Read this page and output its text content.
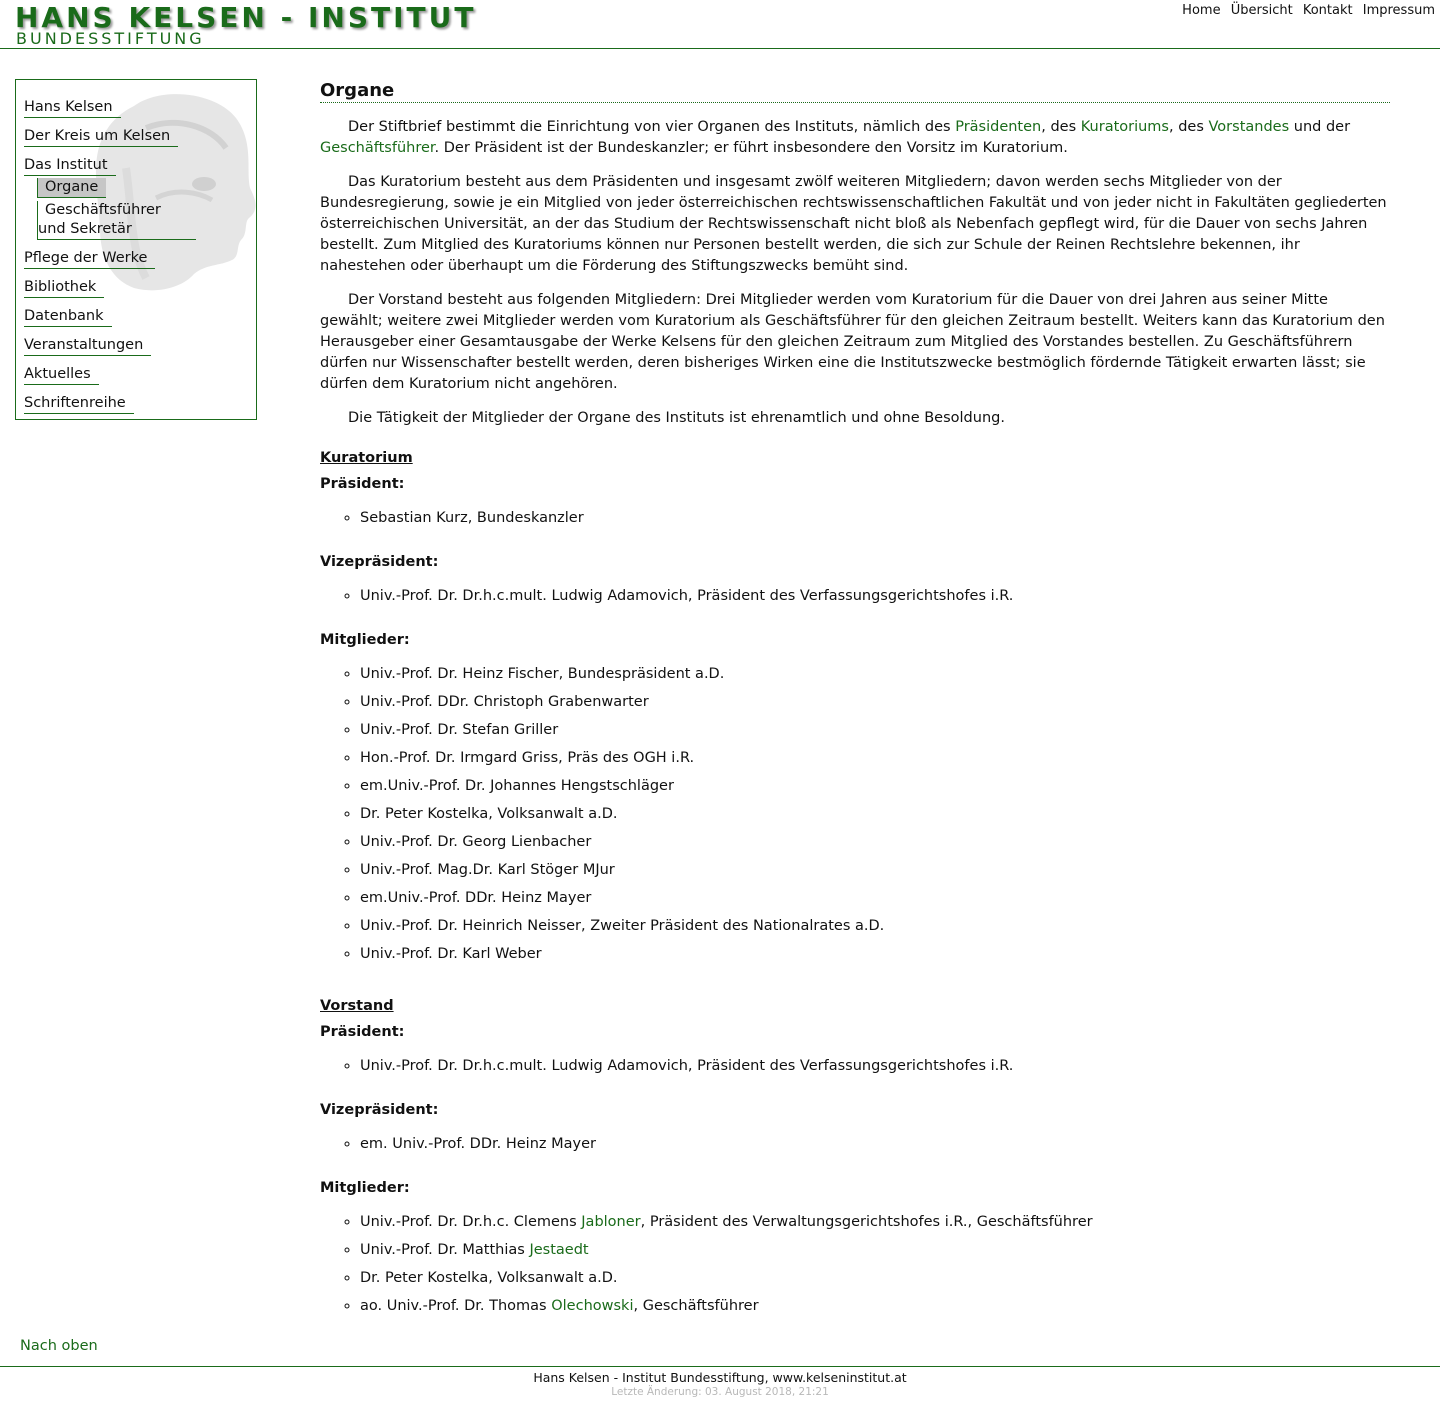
HANS KELSEN - INSTITUT
BUNDESSTIFTUNG
Home Übersicht Kontakt Impressum
Hans Kelsen
Der Kreis um Kelsen
Das Institut
Organe
Geschäftsführer und Sekretär
Pflege der Werke
Bibliothek
Datenbank
Veranstaltungen
Aktuelles
Schriftenreihe
Organe

Der Stiftbrief bestimmt die Einrichtung von vier Organen des Instituts, nämlich des Präsidenten, des Kuratoriums, des Vorstandes und der Geschäftsführer. Der Präsident ist der Bundeskanzler; er führt insbesondere den Vorsitz im Kuratorium.

Das Kuratorium besteht aus dem Präsidenten und insgesamt zwölf weiteren Mitgliedern; davon werden sechs Mitglieder von der Bundesregierung, sowie je ein Mitglied von jeder österreichischen rechtswissenschaftlichen Fakultät und von jeder nicht in Fakultäten gegliederten österreichischen Universität, an der das Studium der Rechtswissenschaft nicht bloß als Nebenfach gepflegt wird, für die Dauer von sechs Jahren bestellt. Zum Mitglied des Kuratoriums können nur Personen bestellt werden, die sich zur Schule der Reinen Rechtslehre bekennen, ihr nahestehen oder überhaupt um die Förderung des Stiftungszwecks bemüht sind.

Der Vorstand besteht aus folgenden Mitgliedern: Drei Mitglieder werden vom Kuratorium für die Dauer von drei Jahren aus seiner Mitte gewählt; weitere zwei Mitglieder werden vom Kuratorium als Geschäftsführer für den gleichen Zeitraum bestellt. Weiters kann das Kuratorium den Herausgeber einer Gesamtausgabe der Werke Kelsens für den gleichen Zeitraum zum Mitglied des Vorstandes bestellen. Zu Geschäftsführern dürfen nur Wissenschafter bestellt werden, deren bisheriges Wirken eine die Institutszwecke bestmöglich fördernde Tätigkeit erwarten lässt; sie dürfen dem Kuratorium nicht angehören.

Die Tätigkeit der Mitglieder der Organe des Instituts ist ehrenamtlich und ohne Besoldung.

Kuratorium
Präsident:
◦ Sebastian Kurz, Bundeskanzler
Vizepräsident:
◦ Univ.-Prof. Dr. Dr.h.c.mult. Ludwig Adamovich, Präsident des Verfassungsgerichtshofes i.R.
Mitglieder:
◦ Univ.-Prof. Dr. Heinz Fischer, Bundespräsident a.D.
◦ Univ.-Prof. DDr. Christoph Grabenwarter
◦ Univ.-Prof. Dr. Stefan Griller
◦ Hon.-Prof. Dr. Irmgard Griss, Präs des OGH i.R.
◦ em.Univ.-Prof. Dr. Johannes Hengstschläger
◦ Dr. Peter Kostelka, Volksanwalt a.D.
◦ Univ.-Prof. Dr. Georg Lienbacher
◦ Univ.-Prof. Mag.Dr. Karl Stöger MJur
◦ em.Univ.-Prof. DDr. Heinz Mayer
◦ Univ.-Prof. Dr. Heinrich Neisser, Zweiter Präsident des Nationalrates a.D.
◦ Univ.-Prof. Dr. Karl Weber
Vorstand
Präsident:
◦ Univ.-Prof. Dr. Dr.h.c.mult. Ludwig Adamovich, Präsident des Verfassungsgerichtshofes i.R.
Vizepräsident:
◦ em. Univ.-Prof. DDr. Heinz Mayer
Mitglieder:
◦ Univ.-Prof. Dr. Dr.h.c. Clemens Jabloner, Präsident des Verwaltungsgerichtshofes i.R., Geschäftsführer
◦ Univ.-Prof. Dr. Matthias Jestaedt
◦ Dr. Peter Kostelka, Volksanwalt a.D.
◦ ao. Univ.-Prof. Dr. Thomas Olechowski, Geschäftsführer
Nach oben
Hans Kelsen - Institut Bundesstiftung, www.kelseninstitut.at
Letzte Änderung: 03. August 2018, 21:21
